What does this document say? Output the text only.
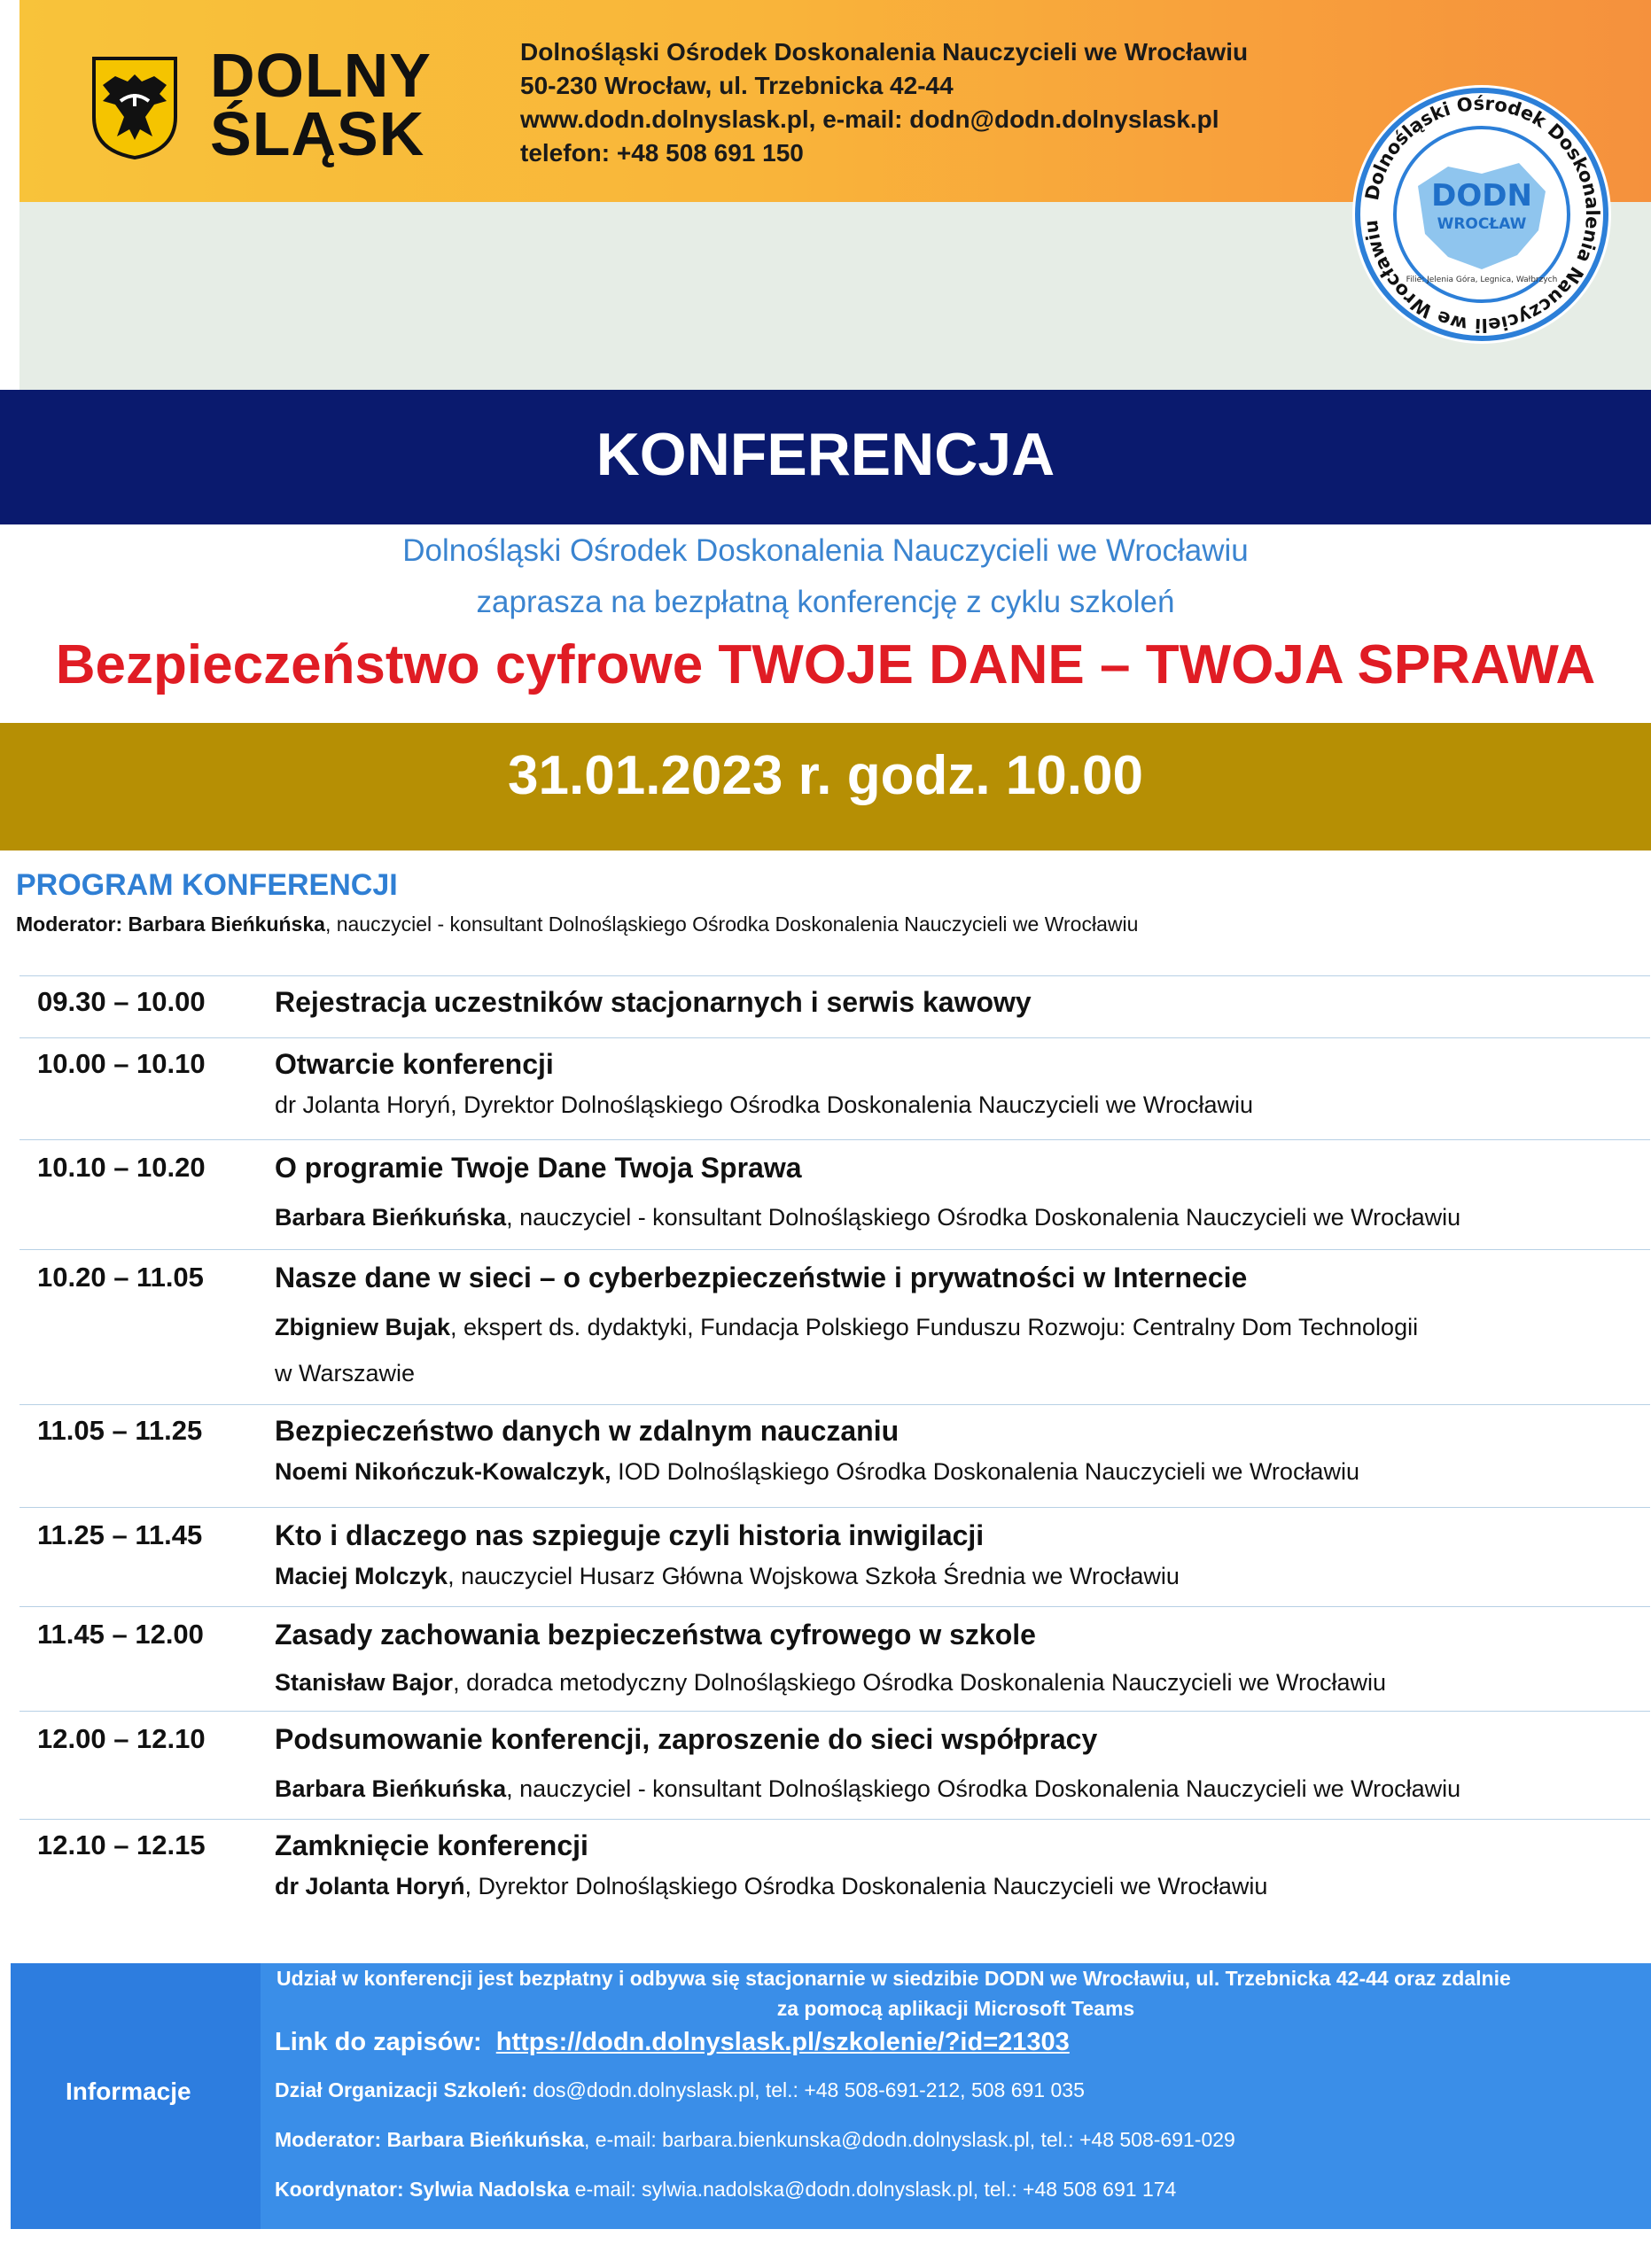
DOLNY
ŚLĄSK
Dolnośląski Ośrodek Doskonalenia Nauczycieli we Wrocławiu
50-230 Wrocław, ul. Trzebnicka 42-44
www.dodn.dolnyslask.pl, e-mail: dodn@dodn.dolnyslask.pl
telefon: +48 508 691 150
Dolnośląski Ośrodek Doskonalenia Nauczycieli we Wrocławiu
DODN
WROCŁAW
Filie: Jelenia Góra, Legnica, Wałbrzych
KONFERENCJA
Dolnośląski Ośrodek Doskonalenia Nauczycieli we Wrocławiu
zaprasza na bezpłatną konferencję z cyklu szkoleń
Bezpieczeństwo cyfrowe TWOJE DANE – TWOJA SPRAWA
31.01.2023 r. godz. 10.00
PROGRAM KONFERENCJI
Moderator: Barbara Bieńkuńska, nauczyciel - konsultant Dolnośląskiego Ośrodka Doskonalenia Nauczycieli we Wrocławiu
09.30 – 10.00 Rejestracja uczestników stacjonarnych i serwis kawowy
10.00 – 10.10 Otwarcie konferencji
dr Jolanta Horyń, Dyrektor Dolnośląskiego Ośrodka Doskonalenia Nauczycieli we Wrocławiu
10.10 – 10.20 O programie Twoje Dane Twoja Sprawa
Barbara Bieńkuńska, nauczyciel - konsultant Dolnośląskiego Ośrodka Doskonalenia Nauczycieli we Wrocławiu
10.20 – 11.05	Nasze dane w sieci – o cyberbezpieczeństwie i prywatności w Internecie
Zbigniew Bujak, ekspert ds. dydaktyki, Fundacja Polskiego Funduszu Rozwoju: Centralny Dom Technologii
w Warszawie
11.05 – 11.25	Bezpieczeństwo danych w zdalnym nauczaniu
Noemi Nikończuk-Kowalczyk, IOD Dolnośląskiego Ośrodka Doskonalenia Nauczycieli we Wrocławiu
11.25 – 11.45	Kto i dlaczego nas szpieguje czyli historia inwigilacji
Maciej Molczyk, nauczyciel Husarz Główna Wojskowa Szkoła Średnia we Wrocławiu
11.45 – 12.00	Zasady zachowania bezpieczeństwa cyfrowego w szkole
Stanisław Bajor, doradca metodyczny Dolnośląskiego Ośrodka Doskonalenia Nauczycieli we Wrocławiu
12.00 – 12.10 Podsumowanie konferencji, zaproszenie do sieci współpracy
Barbara Bieńkuńska, nauczyciel - konsultant Dolnośląskiego Ośrodka Doskonalenia Nauczycieli we Wrocławiu
12.10 – 12.15 Zamknięcie konferencji
dr Jolanta Horyń, Dyrektor Dolnośląskiego Ośrodka Doskonalenia Nauczycieli we Wrocławiu
Informacje
Udział w konferencji jest bezpłatny i odbywa się stacjonarnie w siedzibie DODN we Wrocławiu, ul. Trzebnicka 42-44 oraz zdalnie
za pomocą aplikacji Microsoft Teams
Link do zapisów: https://dodn.dolnyslask.pl/szkolenie/?id=21303
Dział Organizacji Szkoleń: dos@dodn.dolnyslask.pl, tel.: +48 508-691-212, 508 691 035
Moderator: Barbara Bieńkuńska, e-mail: barbara.bienkunska@dodn.dolnyslask.pl, tel.: +48 508-691-029
Koordynator: Sylwia Nadolska e-mail: sylwia.nadolska@dodn.dolnyslask.pl, tel.: +48 508 691 174
